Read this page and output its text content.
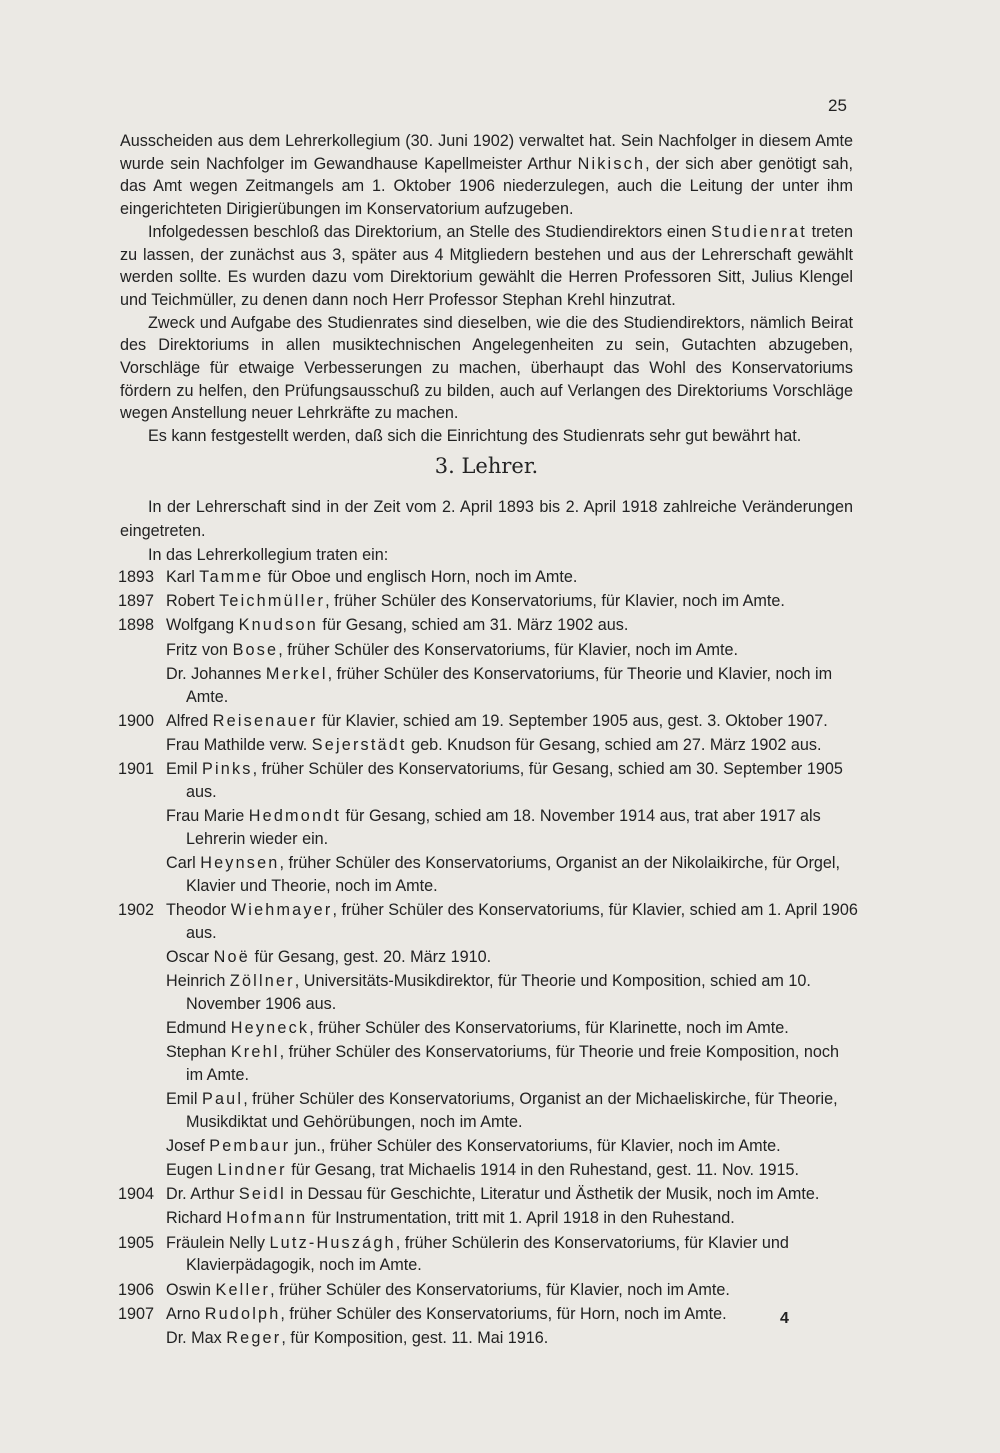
25

Ausscheiden aus dem Lehrerkollegium (30. Juni 1902) verwaltet hat. Sein Nachfolger in diesem Amte wurde sein Nachfolger im Gewandhause Kapellmeister Arthur Nikisch, der sich aber genötigt sah, das Amt wegen Zeitmangels am 1. Oktober 1906 niederzulegen, auch die Leitung der unter ihm eingerichteten Dirigierübungen im Konservatorium aufzugeben.

Infolgedessen beschloß das Direktorium, an Stelle des Studiendirektors einen Studienrat treten zu lassen, der zunächst aus 3, später aus 4 Mitgliedern bestehen und aus der Lehrerschaft gewählt werden sollte. Es wurden dazu vom Direktorium gewählt die Herren Professoren Sitt, Julius Klengel und Teichmüller, zu denen dann noch Herr Professor Stephan Krehl hinzutrat.

Zweck und Aufgabe des Studienrates sind dieselben, wie die des Studiendirektors, nämlich Beirat des Direktoriums in allen musiktechnischen Angelegenheiten zu sein, Gutachten abzugeben, Vorschläge für etwaige Verbesserungen zu machen, überhaupt das Wohl des Konservatoriums fördern zu helfen, den Prüfungsausschuß zu bilden, auch auf Verlangen des Direktoriums Vorschläge wegen Anstellung neuer Lehrkräfte zu machen.

Es kann festgestellt werden, daß sich die Einrichtung des Studienrats sehr gut bewährt hat.

3. Lehrer.

In der Lehrerschaft sind in der Zeit vom 2. April 1893 bis 2. April 1918 zahlreiche Veränderungen eingetreten.

In das Lehrerkollegium traten ein:

1893 Karl Tamme für Oboe und englisch Horn, noch im Amte.
1897 Robert Teichmüller, früher Schüler des Konservatoriums, für Klavier, noch im Amte.
1898 Wolfgang Knudson für Gesang, schied am 31. März 1902 aus.
Fritz von Bose, früher Schüler des Konservatoriums, für Klavier, noch im Amte.
Dr. Johannes Merkel, früher Schüler des Konservatoriums, für Theorie und Klavier, noch im Amte.
1900 Alfred Reisenauer für Klavier, schied am 19. September 1905 aus, gest. 3. Oktober 1907.
Frau Mathilde verw. Sejerstädt geb. Knudson für Gesang, schied am 27. März 1902 aus.
1901 Emil Pinks, früher Schüler des Konservatoriums, für Gesang, schied am 30. September 1905 aus.
Frau Marie Hedmondt für Gesang, schied am 18. November 1914 aus, trat aber 1917 als Lehrerin wieder ein.
Carl Heynsen, früher Schüler des Konservatoriums, Organist an der Nikolaikirche, für Orgel, Klavier und Theorie, noch im Amte.
1902 Theodor Wiehmayer, früher Schüler des Konservatoriums, für Klavier, schied am 1. April 1906 aus.
Oscar Noë für Gesang, gest. 20. März 1910.
Heinrich Zöllner, Universitäts-Musikdirektor, für Theorie und Komposition, schied am 10. November 1906 aus.
Edmund Heyneck, früher Schüler des Konservatoriums, für Klarinette, noch im Amte.
Stephan Krehl, früher Schüler des Konservatoriums, für Theorie und freie Komposition, noch im Amte.
Emil Paul, früher Schüler des Konservatoriums, Organist an der Michaeliskirche, für Theorie, Musikdiktat und Gehörübungen, noch im Amte.
Josef Pembaur jun., früher Schüler des Konservatoriums, für Klavier, noch im Amte.
Eugen Lindner für Gesang, trat Michaelis 1914 in den Ruhestand, gest. 11. Nov. 1915.
1904 Dr. Arthur Seidl in Dessau für Geschichte, Literatur und Ästhetik der Musik, noch im Amte.
Richard Hofmann für Instrumentation, tritt mit 1. April 1918 in den Ruhestand.
1905 Fräulein Nelly Lutz-Huszágh, früher Schülerin des Konservatoriums, für Klavier und Klavierpädagogik, noch im Amte.
1906 Oswin Keller, früher Schüler des Konservatoriums, für Klavier, noch im Amte.
1907 Arno Rudolph, früher Schüler des Konservatoriums, für Horn, noch im Amte.
Dr. Max Reger, für Komposition, gest. 11. Mai 1916.
4
